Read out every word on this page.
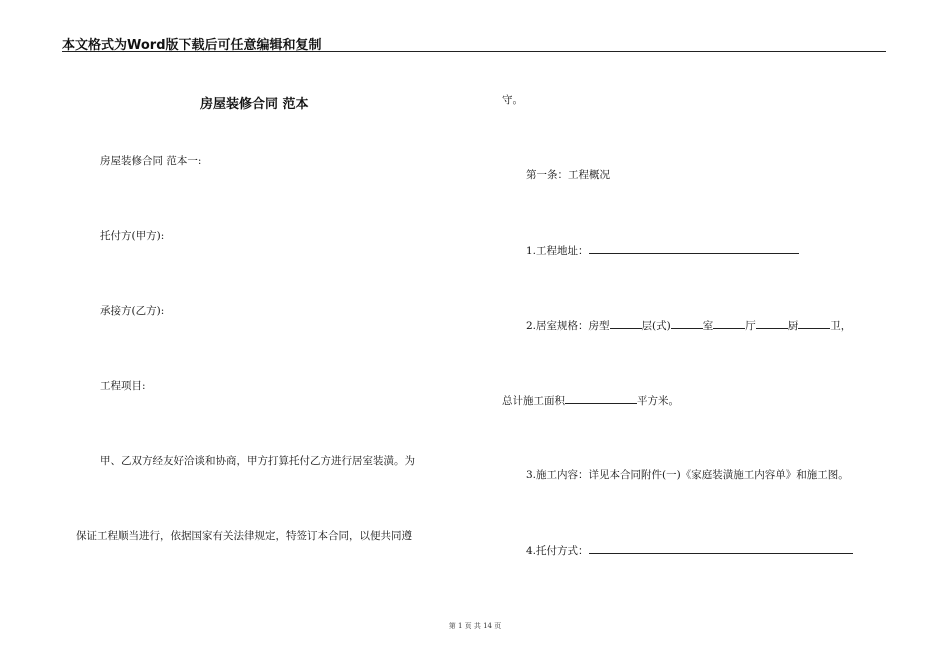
本文格式为Word版下载后可任意编辑和复制
房屋装修合同 范本
房屋装修合同 范本一:
托付方(甲方):
承接方(乙方):
工程项目:
甲、乙双方经友好洽谈和协商，甲方打算托付乙方进行居室装潢。为
保证工程顺当进行，依据国家有关法律规定，特签订本合同，以便共同遵
守。
第一条：工程概况
1.工程地址：
2.居室规格：房型	层(式)	室	厅	厨	卫，
总计施工面积	平方米。
3.施工内容：详见本合同附件(一)《家庭装潢施工内容单》和施工图。
4.托付方式：
第 1 页 共 14 页
